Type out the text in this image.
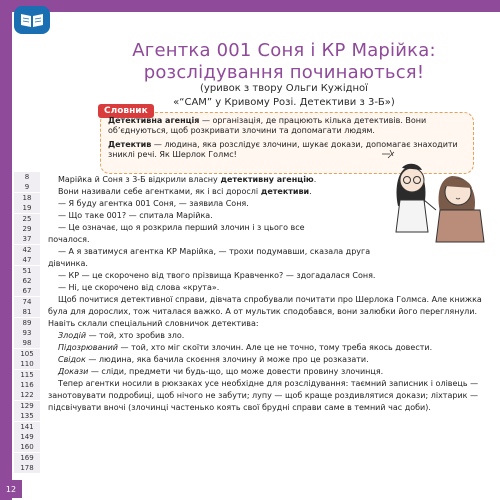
Агентка 001 Соня і КР Марійка:
розслідування починаються!
(уривок з твору Ольги Кужідної
«“САМ” у Кривому Розі. Детективи з 3-Б»)
Словник

Детективна агенція — організація, де працюють кілька детективів. Вони об’єднуються, щоб розкривати злочини та допомагати людям.

Детектив — людина, яка розслідує злочини, шукає докази, допомагає знаходити зниклі речі. Як Шерлок Голмс!

8
9
18
19
25
29
37
42
47
51
62
67
74
81
89
93
98
105
110
115
116
122
129
135
141
149
160
169
178

Марійка й Соня з 3-Б відкрили власну детективну агенцію.

Вони називали себе агентками, як і всі дорослі детективи.

— Я буду агентка 001 Соня, — заявила Соня.

— Що таке 001? — спитала Марійка.

— Це означає, що я розкрила перший злочин і з цього все почалося.

— А я зватимуся агентка КР Марійка, — трохи подумавши, сказала друга дівчинка.

— КР — це скорочено від твого прізвища Кравченко? — здогадалася Соня.

— Ні, це скорочено від слова «крута».

Щоб почитися детективної справи, дівчата спробували почитати про Шерлока Голмса. Але книжка була для дорослих, тож читалася важко. А от мультик сподобався, вони залюбки його переглянули. Навіть склали спеціальний словничок детектива:

Злодій — той, хто зробив зло.

Підозрюваний — той, хто міг скоїти злочин. Але це не точно, тому треба якось довести.

Свідок — людина, яка бачила скоєння злочину й може про це розказати.

Докази — сліди, предмети чи будь-що, що може довести провину злочинця.

Тепер агентки носили в рюкзаках усе необхідне для розслідування: таємний записник і олівець — занотовувати подробиці, щоб нічого не забути; лупу — щоб краще роздивлятися докази; ліхтарик — підсвічувати вночі (злочинці частенько коять свої брудні справи саме в темний час доби).

12
